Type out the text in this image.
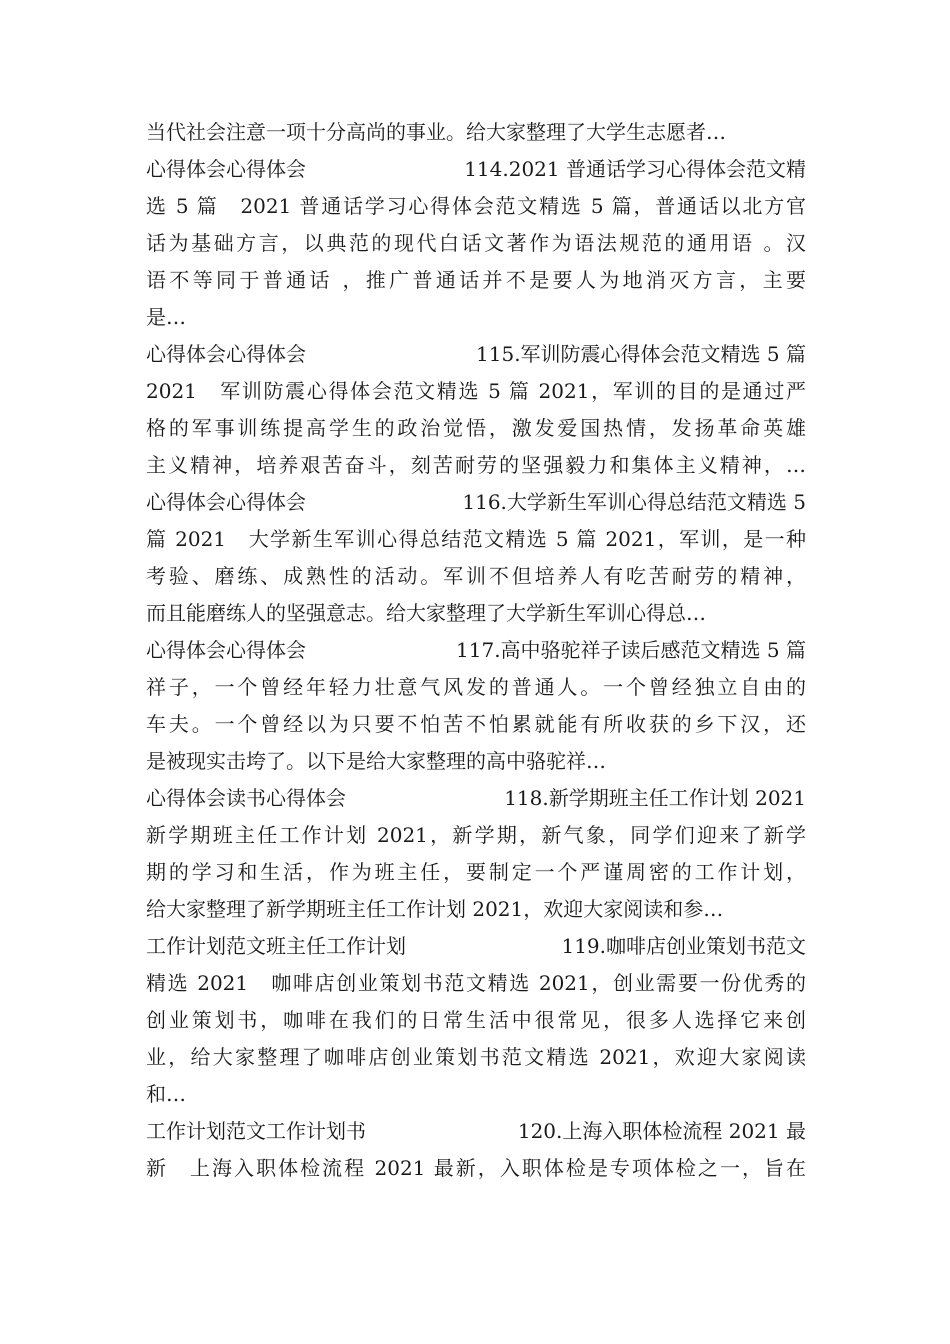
当代社会注意一项十分高尚的事业。给大家整理了大学生志愿者…
心得体会心得体会	114.2021 普通话学习心得体会范文精
选 5 篇　2021 普通话学习心得体会范文精选 5 篇，普通话以北方官
话为基础方言，以典范的现代白话文著作为语法规范的通用语 。汉
语不等同于普通话 ，推广普通话并不是要人为地消灭方言，主要
是…
心得体会心得体会	115.军训防震心得体会范文精选 5 篇
2021　军训防震心得体会范文精选 5 篇 2021，军训的目的是通过严
格的军事训练提高学生的政治觉悟，激发爱国热情，发扬革命英雄
主义精神，培养艰苦奋斗，刻苦耐劳的坚强毅力和集体主义精神，…
心得体会心得体会	116.大学新生军训心得总结范文精选 5
篇 2021　大学新生军训心得总结范文精选 5 篇 2021，军训，是一种
考验、磨练、成熟性的活动。军训不但培养人有吃苦耐劳的精神，
而且能磨练人的坚强意志。给大家整理了大学新生军训心得总…
心得体会心得体会	117.高中骆驼祥子读后感范文精选 5 篇
祥子，一个曾经年轻力壮意气风发的普通人。一个曾经独立自由的
车夫。一个曾经以为只要不怕苦不怕累就能有所收获的乡下汉，还
是被现实击垮了。以下是给大家整理的高中骆驼祥…
心得体会读书心得体会	118.新学期班主任工作计划 2021
新学期班主任工作计划 2021，新学期，新气象，同学们迎来了新学
期的学习和生活，作为班主任，要制定一个严谨周密的工作计划，
给大家整理了新学期班主任工作计划 2021，欢迎大家阅读和参…
工作计划范文班主任工作计划	119.咖啡店创业策划书范文
精选 2021　咖啡店创业策划书范文精选 2021，创业需要一份优秀的
创业策划书，咖啡在我们的日常生活中很常见，很多人选择它来创
业，给大家整理了咖啡店创业策划书范文精选 2021，欢迎大家阅读
和…
工作计划范文工作计划书	120.上海入职体检流程 2021 最
新　上海入职体检流程 2021 最新，入职体检是专项体检之一，旨在
